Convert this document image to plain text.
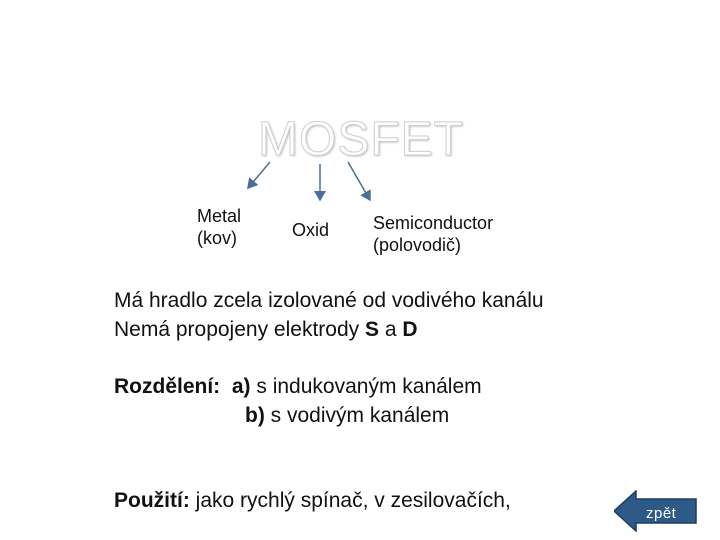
MOSFET
Metal
(kov)	Oxid Semiconductor
(polovodič)
Má hradlo zcela izolované od vodivého kanálu
Nemá propojeny elektrody S a D
Rozdělení: a) s indukovaným kanálem
b) s vodivým kanálem
Použití: jako rychlý spínač, v zesilovačích,
zpět
